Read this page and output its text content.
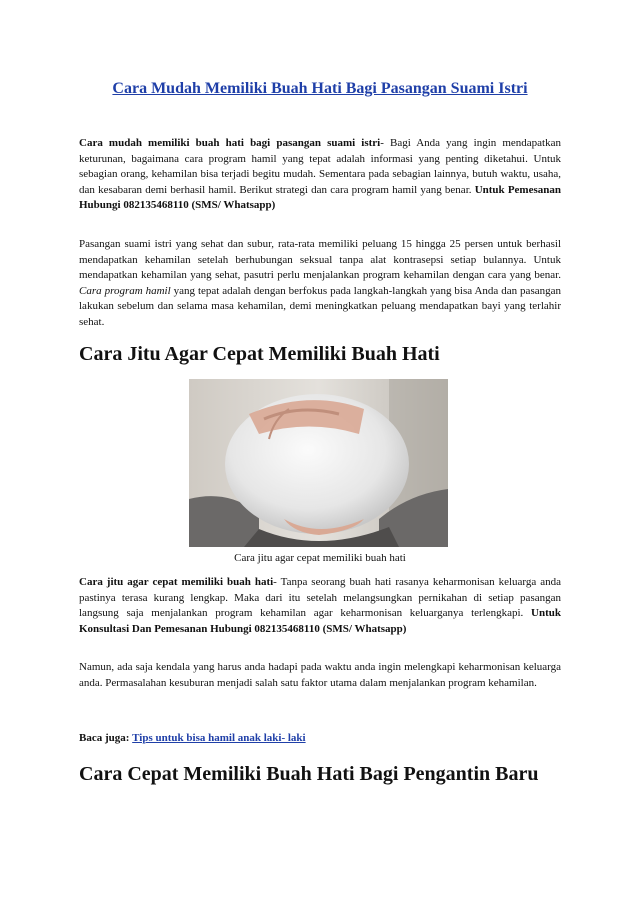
Cara Mudah Memiliki Buah Hati Bagi Pasangan Suami Istri

Cara mudah memiliki buah hati bagi pasangan suami istri- Bagi Anda yang ingin mendapatkan keturunan, bagaimana cara program hamil yang tepat adalah informasi yang penting diketahui. Untuk sebagian orang, kehamilan bisa terjadi begitu mudah. Sementara pada sebagian lainnya, butuh waktu, usaha, dan kesabaran demi berhasil hamil. Berikut strategi dan cara program hamil yang benar. Untuk Pemesanan Hubungi 082135468110 (SMS/ Whatsapp)

Pasangan suami istri yang sehat dan subur, rata-rata memiliki peluang 15 hingga 25 persen untuk berhasil mendapatkan kehamilan setelah berhubungan seksual tanpa alat kontrasepsi setiap bulannya. Untuk mendapatkan kehamilan yang sehat, pasutri perlu menjalankan program kehamilan dengan cara yang benar. Cara program hamil yang tepat adalah dengan berfokus pada langkah-langkah yang bisa Anda dan pasangan lakukan sebelum dan selama masa kehamilan, demi meningkatkan peluang mendapatkan bayi yang terlahir sehat.

Cara Jitu Agar Cepat Memiliki Buah Hati
Cara jitu agar cepat memiliki buah hati

Cara jitu agar cepat memiliki buah hati- Tanpa seorang buah hati rasanya keharmonisan keluarga anda pastinya terasa kurang lengkap. Maka dari itu setelah melangsungkan pernikahan di setiap pasangan langsung saja menjalankan program kehamilan agar keharmonisan keluarganya terlengkapi. Untuk Konsultasi Dan Pemesanan Hubungi 082135468110 (SMS/ Whatsapp)

Namun, ada saja kendala yang harus anda hadapi pada waktu anda ingin melengkapi keharmonisan keluarga anda. Permasalahan kesuburan menjadi salah satu faktor utama dalam menjalankan program kehamilan.

Baca juga: Tips untuk bisa hamil anak laki- laki

Cara Cepat Memiliki Buah Hati Bagi Pengantin Baru
